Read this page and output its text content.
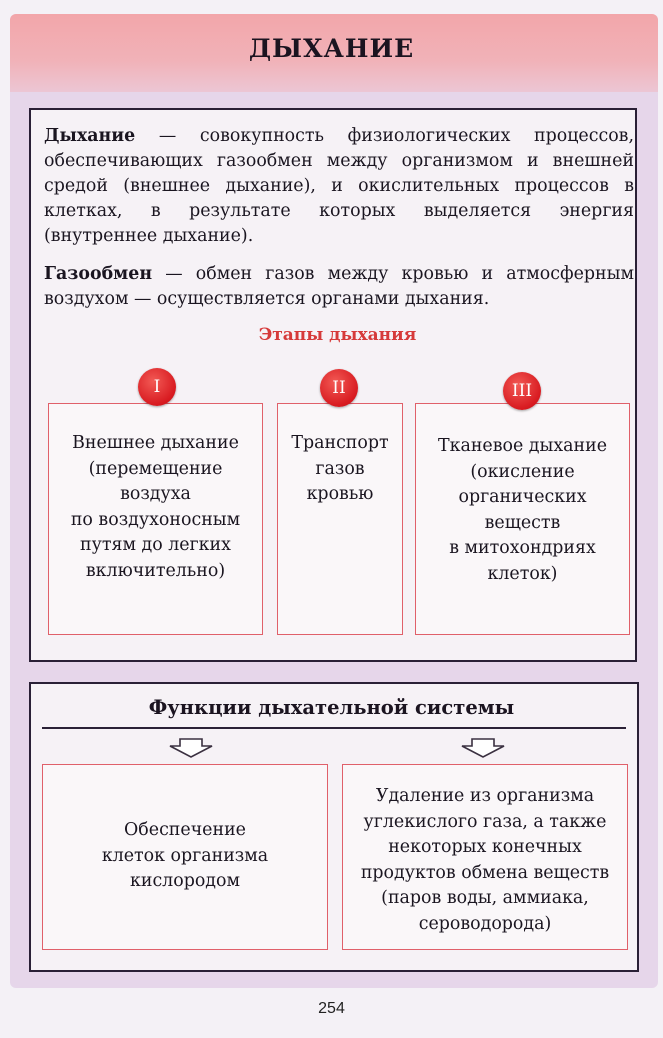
ДЫХАНИЕ
Дыхание — совокупность физиологических процессов, обеспечивающих газообмен между организмом и внешней средой (внешнее дыхание), и окислительных процессов в клетках, в результате которых выделяется энергия (внутреннее дыхание).
Газообмен — обмен газов между кровью и атмосферным воздухом — осуществляется органами дыхания.
Этапы дыхания
I
Внешнее дыхание
(перемещение
воздуха
по воздухоносным
путям до легких
включительно)
II
Транспорт
газов
кровью
III
Тканевое дыхание
(окисление
органических
веществ
в митохондриях
клеток)
Функции дыхательной системы
Обеспечение
клеток организма
кислородом
Удаление из организма
углекислого газа, а также
некоторых конечных
продуктов обмена веществ
(паров воды, аммиака,
сероводорода)
254
